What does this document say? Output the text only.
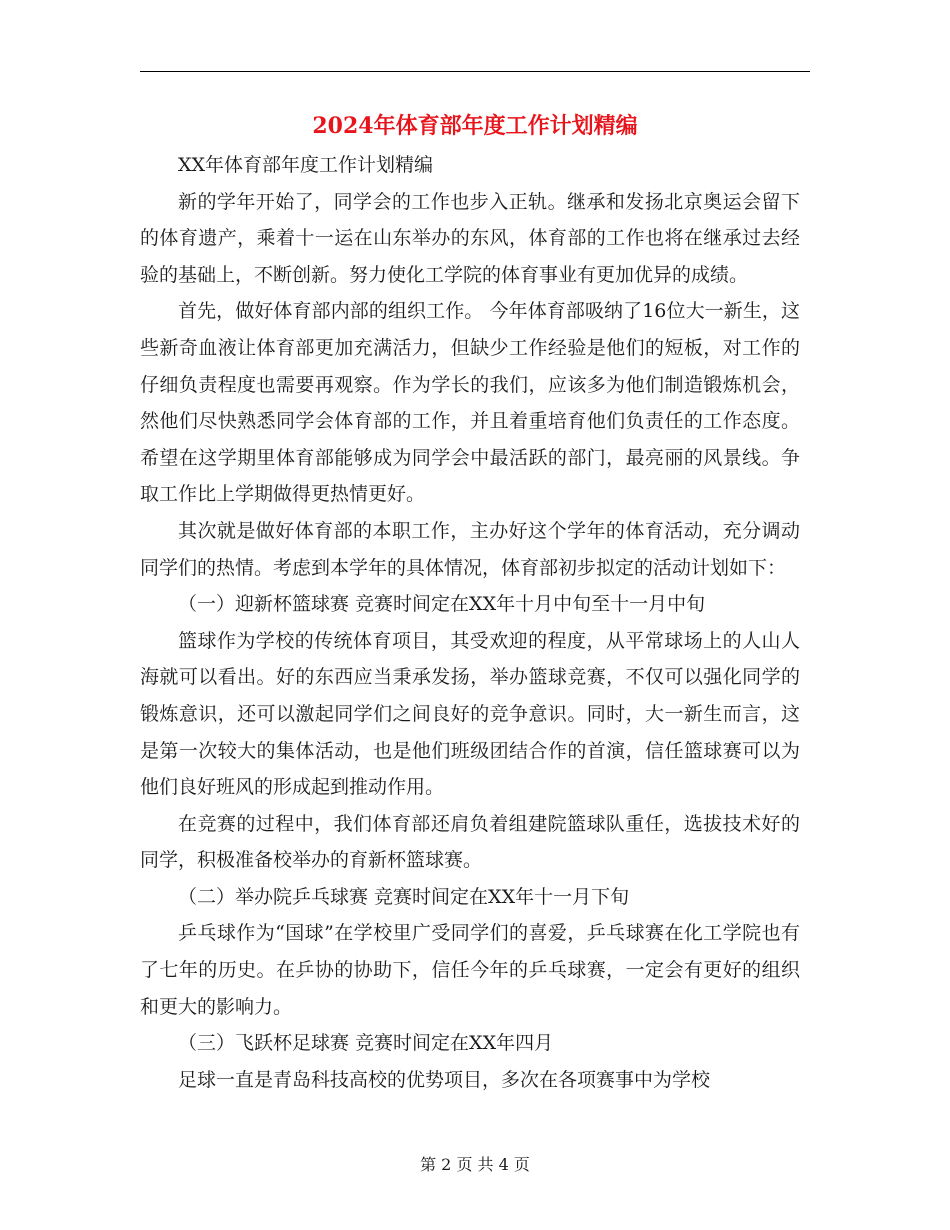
2024年体育部年度工作计划精编

XX年体育部年度工作计划精编

新的学年开始了，同学会的工作也步入正轨。继承和发扬北京奥运会留下的体育遗产，乘着十一运在山东举办的东风，体育部的工作也将在继承过去经验的基础上，不断创新。努力使化工学院的体育事业有更加优异的成绩。

首先，做好体育部内部的组织工作。 今年体育部吸纳了16位大一新生，这些新奇血液让体育部更加充满活力，但缺少工作经验是他们的短板，对工作的仔细负责程度也需要再观察。作为学长的我们，应该多为他们制造锻炼机会，然他们尽快熟悉同学会体育部的工作，并且着重培育他们负责任的工作态度。希望在这学期里体育部能够成为同学会中最活跃的部门，最亮丽的风景线。争取工作比上学期做得更热情更好。

其次就是做好体育部的本职工作，主办好这个学年的体育活动，充分调动同学们的热情。考虑到本学年的具体情况，体育部初步拟定的活动计划如下：

（一）迎新杯篮球赛 竞赛时间定在XX年十月中旬至十一月中旬

篮球作为学校的传统体育项目，其受欢迎的程度，从平常球场上的人山人海就可以看出。好的东西应当秉承发扬，举办篮球竞赛，不仅可以强化同学的锻炼意识，还可以激起同学们之间良好的竞争意识。同时，大一新生而言，这是第一次较大的集体活动，也是他们班级团结合作的首演，信任篮球赛可以为他们良好班风的形成起到推动作用。

在竞赛的过程中，我们体育部还肩负着组建院篮球队重任，选拔技术好的同学，积极准备校举办的育新杯篮球赛。

（二）举办院乒乓球赛 竞赛时间定在XX年十一月下旬

乒乓球作为“国球”在学校里广受同学们的喜爱，乒乓球赛在化工学院也有了七年的历史。在乒协的协助下，信任今年的乒乓球赛，一定会有更好的组织和更大的影响力。

（三）飞跃杯足球赛 竞赛时间定在XX年四月

足球一直是青岛科技高校的优势项目，多次在各项赛事中为学校

第 2 页 共 4 页
